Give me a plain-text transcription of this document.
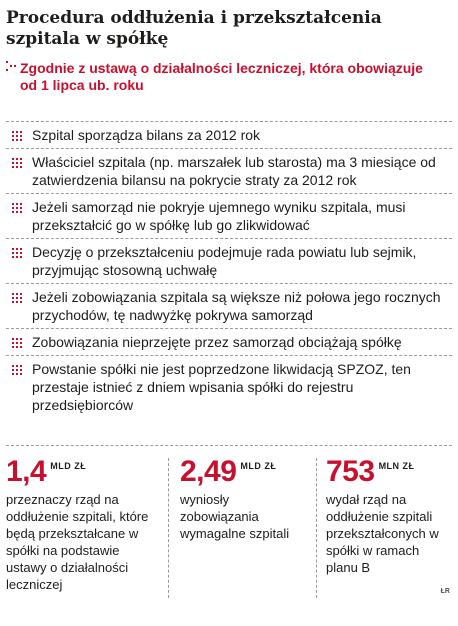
Procedura oddłużenia i przekształcenia szpitala w spółkę
Zgodnie z ustawą o działalności leczniczej, która obowiązuje od 1 lipca ub. roku
Szpital sporządza bilans za 2012 rok
Właściciel szpitala (np. marszałek lub starosta) ma 3 miesiące od zatwierdzenia bilansu na pokrycie straty za 2012 rok
Jeżeli samorząd nie pokryje ujemnego wyniku szpitala, musi przekształcić go w spółkę lub go zlikwidować
Decyzję o przekształceniu podejmuje rada powiatu lub sejmik, przyjmując stosowną uchwałę
Jeżeli zobowiązania szpitala są większe niż połowa jego rocznych przychodów, tę nadwyżkę pokrywa samorząd
Zobowiązania nieprzejęte przez samorząd obciążają spółkę
Powstanie spółki nie jest poprzedzone likwidacją SPZOZ, ten przestaje istnieć z dniem wpisania spółki do rejestru przedsiębiorców
1,4 $^{MLD ZŁ}$
przeznaczy rząd na oddłużenie szpitali, które będą przekształcane w spółki na podstawie ustawy o działalności leczniczej
2,49 $^{MLD ZŁ}$
wyniosły zobowiązania wymagalne szpitali
753 $^{MLN ZŁ}$
wydał rząd na oddłużenie szpitali przekształconych w spółki w ramach planu B
ŁR
